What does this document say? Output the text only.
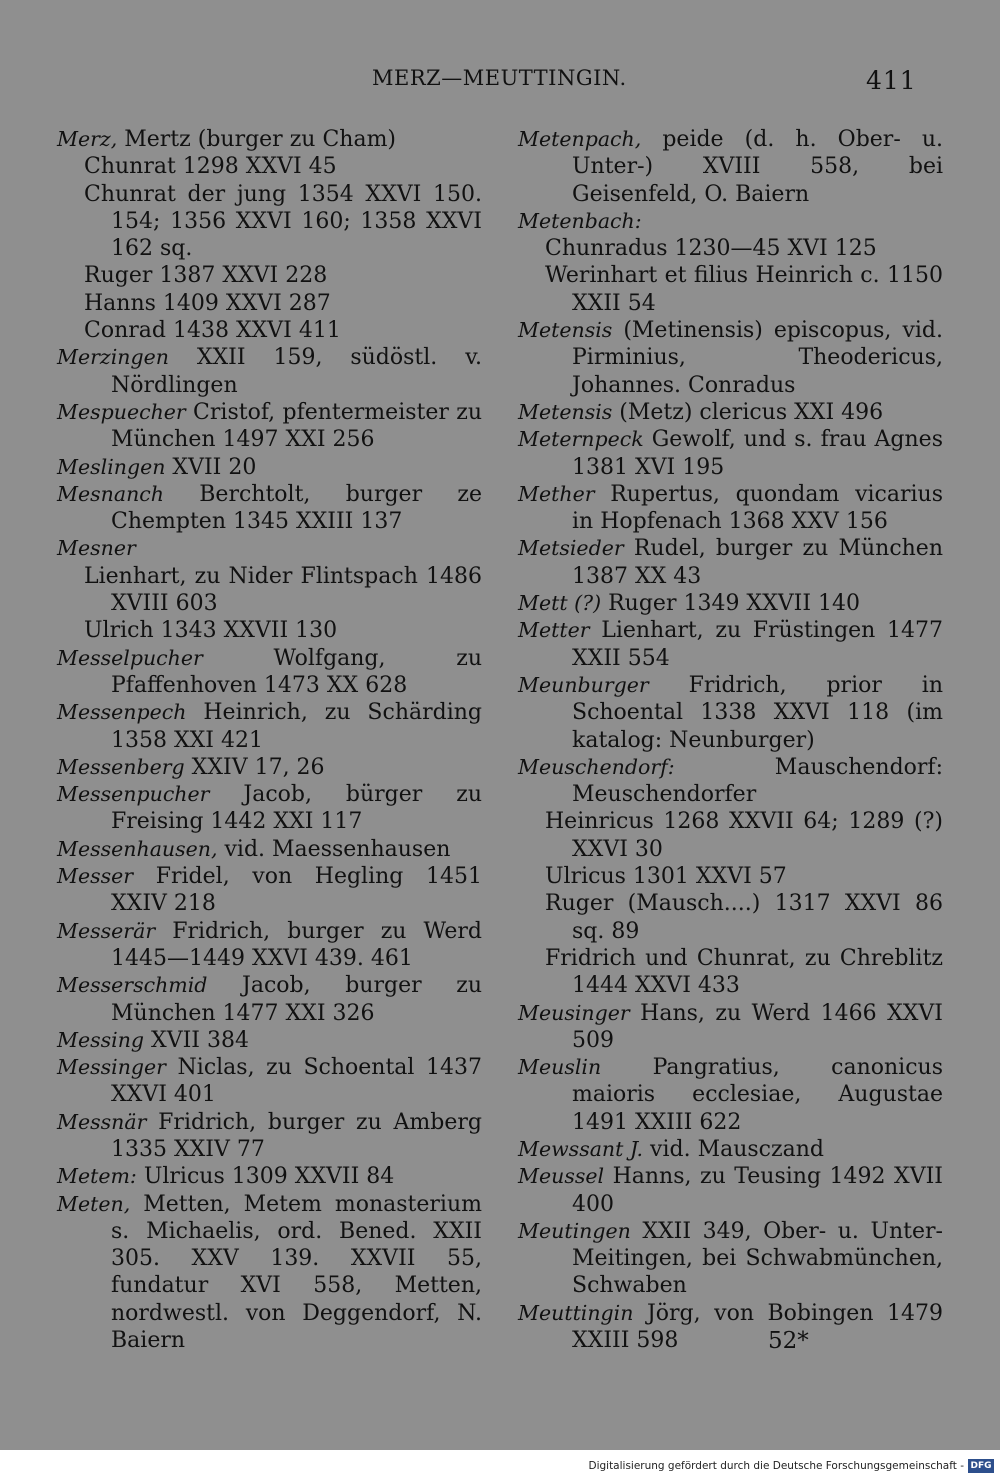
MERZ—MEUTTINGIN.	411
Merz, Mertz (burger zu Cham)
Chunrat 1298 XXVI 45
Chunrat der jung 1354 XXVI 150. 154; 1356 XXVI 160; 1358 XXVI 162 sq.
Ruger 1387 XXVI 228
Hanns 1409 XXVI 287
Conrad 1438 XXVI 411
Merzingen XXII 159, südöstl. v. Nördlingen
Mespuecher Cristof, pfentermeister zu München 1497 XXI 256
Meslingen XVII 20
Mesnanch Berchtolt, burger ze Chempten 1345 XXIII 137
Mesner
Lienhart, zu Nider Flintspach 1486 XVIII 603
Ulrich 1343 XXVII 130
Messelpucher Wolfgang, zu Pfaffenhoven 1473 XX 628
Messenpech Heinrich, zu Schärding 1358 XXI 421
Messenberg XXIV 17, 26
Messenpucher Jacob, bürger zu Freising 1442 XXI 117
Messenhausen, vid. Maessenhausen
Messer Fridel, von Hegling 1451 XXIV 218
Messerär Fridrich, burger zu Werd 1445—1449 XXVI 439. 461
Messerschmid Jacob, burger zu München 1477 XXI 326
Messing XVII 384
Messinger Niclas, zu Schoental 1437 XXVI 401
Messnär Fridrich, burger zu Amberg 1335 XXIV 77
Metem: Ulricus 1309 XXVII 84
Meten, Metten, Metem monasterium s. Michaelis, ord. Bened. XXII 305. XXV 139. XXVII 55, fundatur XVI 558, Metten, nordwestl. von Deggendorf, N. Baiern
Metenpach, peide (d. h. Ober- u. Unter-) XVIII 558, bei Geisenfeld, O. Baiern
Metenbach:
Chunradus 1230—45 XVI 125
Werinhart et filius Heinrich c. 1150 XXII 54
Metensis (Metinensis) episcopus, vid. Pirminius, Theodericus, Johannes. Conradus
Metensis (Metz) clericus XXI 496
Meternpeck Gewolf, und s. frau Agnes 1381 XVI 195
Mether Rupertus, quondam vicarius in Hopfenach 1368 XXV 156
Metsieder Rudel, burger zu München 1387 XX 43
Mett (?) Ruger 1349 XXVII 140
Metter Lienhart, zu Früstingen 1477 XXII 554
Meunburger Fridrich, prior in Schoental 1338 XXVI 118 (im katalog: Neunburger)
Meuschendorf: Mauschendorf: Meuschendorfer
Heinricus 1268 XXVII 64; 1289 (?) XXVI 30
Ulricus 1301 XXVI 57
Ruger (Mausch....) 1317 XXVI 86 sq. 89
Fridrich und Chunrat, zu Chreblitz 1444 XXVI 433
Meusinger Hans, zu Werd 1466 XXVI 509
Meuslin Pangratius, canonicus maioris ecclesiae, Augustae 1491 XXIII 622
Mewssant J. vid. Mausczand
Meussel Hanns, zu Teusing 1492 XVII 400
Meutingen XXII 349, Ober- u. Unter-Meitingen, bei Schwabmünchen, Schwaben
Meuttingin Jörg, von Bobingen 1479 XXIII 598	52*
Digitalisierung gefördert durch die Deutsche Forschungsgemeinschaft - DFG
